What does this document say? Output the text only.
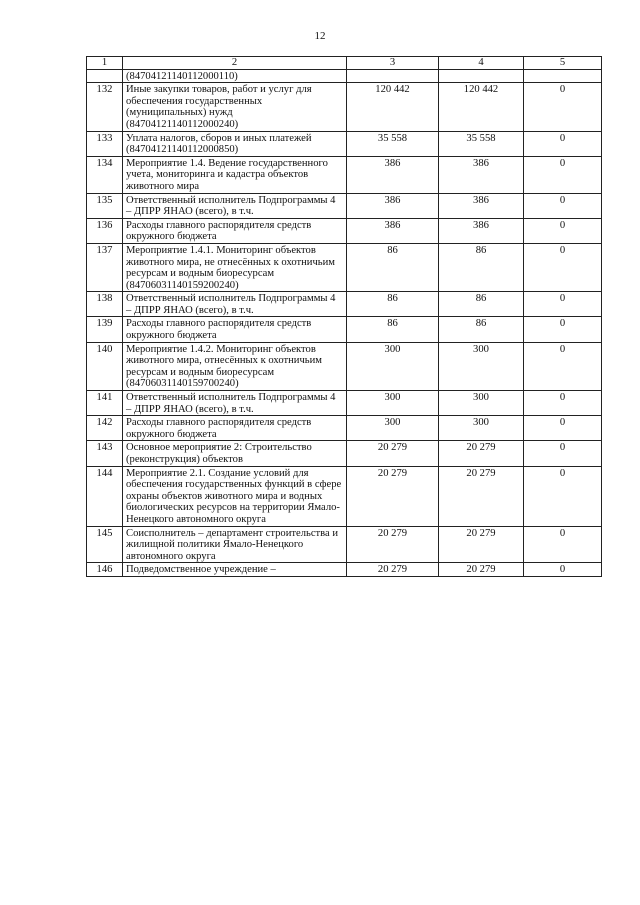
12
1	2	3	4	5
	(84704121140112000110)			
132	Иные закупки товаров, работ и услуг для обеспечения государственных (муниципальных) нужд (84704121140112000240)	120 442	120 442	0
133	Уплата налогов, сборов и иных платежей (84704121140112000850)	35 558	35 558	0
134	Мероприятие 1.4. Ведение государственного учета, мониторинга и кадастра объектов животного мира	386	386	0
135	Ответственный исполнитель Подпрограммы 4 – ДПРР ЯНАО (всего), в т.ч.	386	386	0
136	Расходы главного распорядителя средств окружного бюджета	386	386	0
137	Мероприятие 1.4.1. Мониторинг объектов животного мира, не отнесённых к охотничьим ресурсам и водным биоресурсам (84706031140159200240)	86	86	0
138	Ответственный исполнитель Подпрограммы 4 – ДПРР ЯНАО (всего), в т.ч.	86	86	0
139	Расходы главного распорядителя средств окружного бюджета	86	86	0
140	Мероприятие 1.4.2. Мониторинг объектов животного мира, отнесённых к охотничьим ресурсам и водным биоресурсам (84706031140159700240)	300	300	0
141	Ответственный исполнитель Подпрограммы 4 – ДПРР ЯНАО (всего), в т.ч.	300	300	0
142	Расходы главного распорядителя средств окружного бюджета	300	300	0
143	Основное мероприятие 2: Строительство (реконструкция) объектов	20 279	20 279	0
144	Мероприятие 2.1. Создание условий для обеспечения государственных функций в сфере охраны объектов животного мира и водных биологических ресурсов на территории Ямало-Ненецкого автономного округа	20 279	20 279	0
145	Соисполнитель – департамент строительства и жилищной политики Ямало-Ненецкого автономного округа	20 279	20 279	0
146	Подведомственное учреждение –	20 279	20 279	0
